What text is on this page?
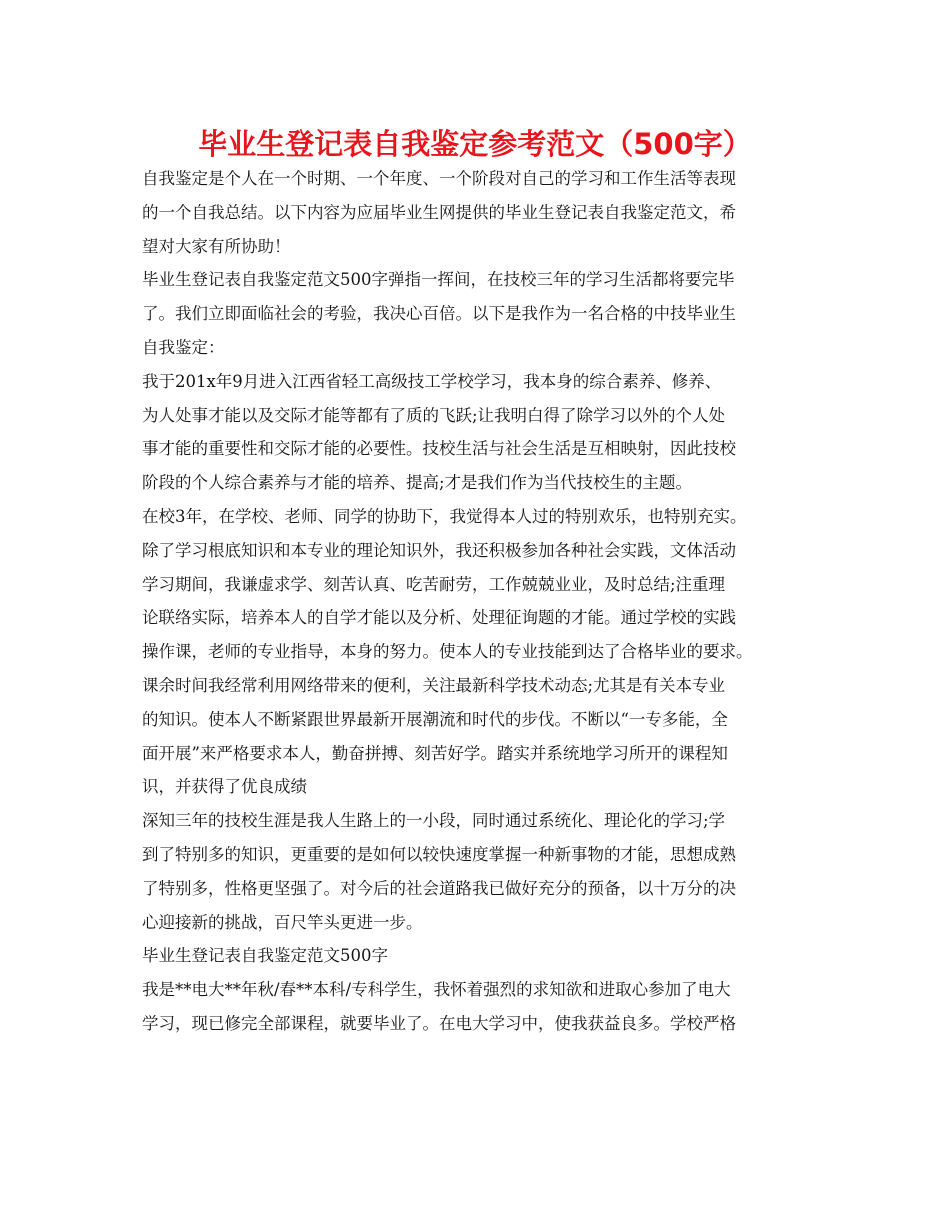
毕业生登记表自我鉴定参考范文（500字）
自我鉴定是个人在一个时期、一个年度、一个阶段对自己的学习和工作生活等表现
的一个自我总结。以下内容为应届毕业生网提供的毕业生登记表自我鉴定范文，希
望对大家有所协助！
毕业生登记表自我鉴定范文500字弹指一挥间，在技校三年的学习生活都将要完毕
了。我们立即面临社会的考验，我决心百倍。以下是我作为一名合格的中技毕业生
自我鉴定：
我于201x年9月进入江西省轻工高级技工学校学习，我本身的综合素养、修养、
为人处事才能以及交际才能等都有了质的飞跃;让我明白得了除学习以外的个人处
事才能的重要性和交际才能的必要性。技校生活与社会生活是互相映射，因此技校
阶段的个人综合素养与才能的培养、提高;才是我们作为当代技校生的主题。
在校3年，在学校、老师、同学的协助下，我觉得本人过的特别欢乐，也特别充实。
除了学习根底知识和本专业的理论知识外，我还积极参加各种社会实践，文体活动
学习期间，我谦虚求学、刻苦认真、吃苦耐劳，工作兢兢业业，及时总结;注重理
论联络实际，培养本人的自学才能以及分析、处理征询题的才能。通过学校的实践
操作课，老师的专业指导，本身的努力。使本人的专业技能到达了合格毕业的要求。
课余时间我经常利用网络带来的便利，关注最新科学技术动态;尤其是有关本专业
的知识。使本人不断紧跟世界最新开展潮流和时代的步伐。不断以“一专多能，全
面开展”来严格要求本人，勤奋拼搏、刻苦好学。踏实并系统地学习所开的课程知
识，并获得了优良成绩
深知三年的技校生涯是我人生路上的一小段，同时通过系统化、理论化的学习;学
到了特别多的知识，更重要的是如何以较快速度掌握一种新事物的才能，思想成熟
了特别多，性格更坚强了。对今后的社会道路我已做好充分的预备，以十万分的决
心迎接新的挑战，百尺竿头更进一步。
毕业生登记表自我鉴定范文500字
我是**电大**年秋/春**本科/专科学生，我怀着强烈的求知欲和进取心参加了电大
学习，现已修完全部课程，就要毕业了。在电大学习中，使我获益良多。学校严格
